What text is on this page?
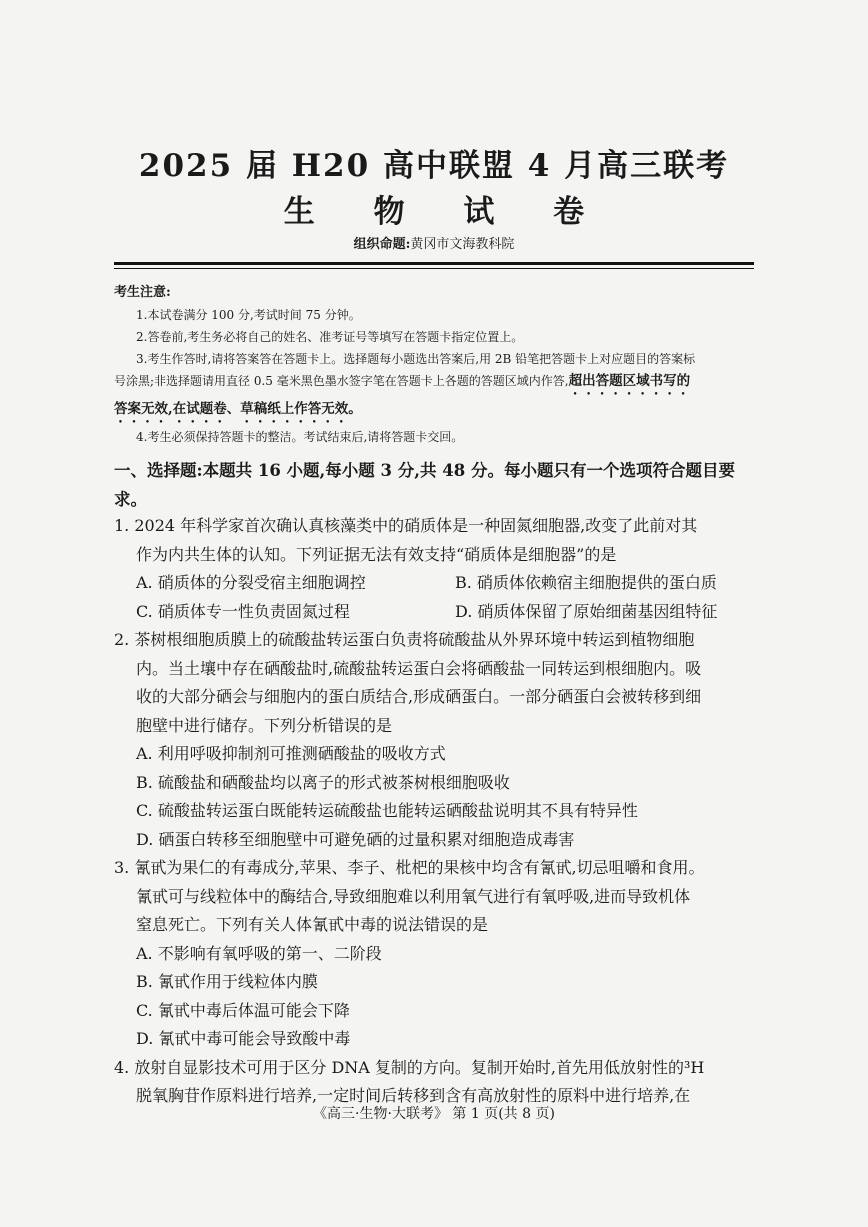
2025 届 H20 高中联盟 4 月高三联考
生 物 试 卷
组织命题:黄冈市文海教科院

考生注意:

1.本试卷满分 100 分,考试时间 75 分钟。

2.答卷前,考生务必将自己的姓名、准考证号等填写在答题卡指定位置上。

3.考生作答时,请将答案答在答题卡上。选择题每小题选出答案后,用 2B 铅笔把答题卡上对应题目的答案标

号涂黑;非选择题请用直径 0.5 毫米黑色墨水签字笔在答题卡上各题的答题区域内作答,超出答题区域书写的

答案无效,在试题卷、草稿纸上作答无效。

4.考生必须保持答题卡的整洁。考试结束后,请将答题卡交回。

一、选择题:本题共 16 小题,每小题 3 分,共 48 分。每小题只有一个选项符合题目要
求。

1. 2024 年科学家首次确认真核藻类中的硝质体是一种固氮细胞器,改变了此前对其

作为内共生体的认知。下列证据无法有效支持“硝质体是细胞器”的是

A. 硝质体的分裂受宿主细胞调控	B. 硝质体依赖宿主细胞提供的蛋白质
C. 硝质体专一性负责固氮过程	D. 硝质体保留了原始细菌基因组特征

2. 茶树根细胞质膜上的硫酸盐转运蛋白负责将硫酸盐从外界环境中转运到植物细胞

内。当土壤中存在硒酸盐时,硫酸盐转运蛋白会将硒酸盐一同转运到根细胞内。吸

收的大部分硒会与细胞内的蛋白质结合,形成硒蛋白。一部分硒蛋白会被转移到细

胞壁中进行储存。下列分析错误的是

A. 利用呼吸抑制剂可推测硒酸盐的吸收方式

B. 硫酸盐和硒酸盐均以离子的形式被茶树根细胞吸收

C. 硫酸盐转运蛋白既能转运硫酸盐也能转运硒酸盐说明其不具有特异性

D. 硒蛋白转移至细胞壁中可避免硒的过量积累对细胞造成毒害

3. 氰甙为果仁的有毒成分,苹果、李子、枇杷的果核中均含有氰甙,切忌咀嚼和食用。

氰甙可与线粒体中的酶结合,导致细胞难以利用氧气进行有氧呼吸,进而导致机体

窒息死亡。下列有关人体氰甙中毒的说法错误的是

A. 不影响有氧呼吸的第一、二阶段

B. 氰甙作用于线粒体内膜

C. 氰甙中毒后体温可能会下降

D. 氰甙中毒可能会导致酸中毒

4. 放射自显影技术可用于区分 DNA 复制的方向。复制开始时,首先用低放射性的³H

脱氧胸苷作原料进行培养,一定时间后转移到含有高放射性的原料中进行培养,在

《高三·生物·大联考》 第 1 页(共 8 页)
